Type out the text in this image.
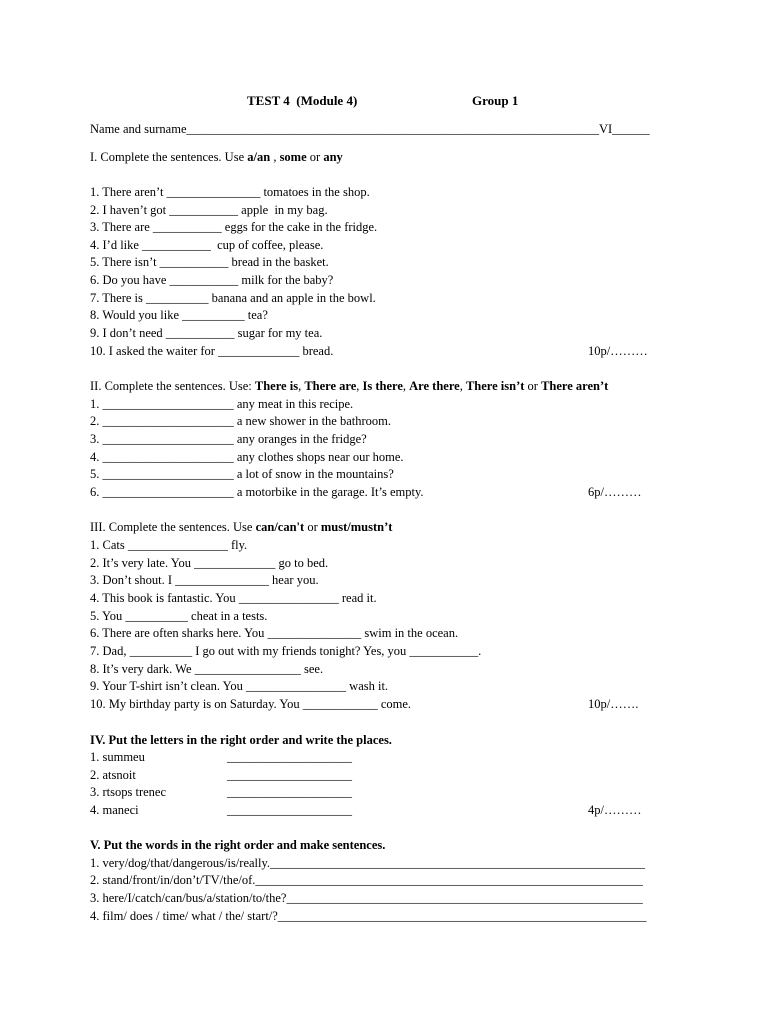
TEST 4  (Module 4)	Group 1
Name and surname__________________________________________________________________VI______
I. Complete the sentences. Use a/an , some or any
1. There aren’t _______________ tomatoes in the shop.
2. I haven’t got ___________ apple  in my bag.
3. There are ___________ eggs for the cake in the fridge.
4. I’d like ___________  cup of coffee, please.
5. There isn’t ___________ bread in the basket.
6. Do you have ___________ milk for the baby?
7. There is __________ banana and an apple in the bowl.
8. Would you like __________ tea?
9. I don’t need ___________ sugar for my tea.
10. I asked the waiter for _____________ bread.	10p/………
II. Complete the sentences. Use: There is, There are, Is there, Are there, There isn’t or There aren’t
1. _____________________ any meat in this recipe.
2. _____________________ a new shower in the bathroom.
3. _____________________ any oranges in the fridge?
4. _____________________ any clothes shops near our home.
5. _____________________ a lot of snow in the mountains?
6. _____________________ a motorbike in the garage. It’s empty.	6p/………
III. Complete the sentences. Use can/can't or must/mustn’t
1. Cats ________________ fly.
2. It’s very late. You _____________ go to bed.
3. Don’t shout. I _______________ hear you.
4. This book is fantastic. You ________________ read it.
5. You __________ cheat in a tests.
6. There are often sharks here. You _______________ swim in the ocean.
7. Dad, __________ I go out with my friends tonight? Yes, you ___________.
8. It’s very dark. We _________________ see.
9. Your T-shirt isn’t clean. You ________________ wash it.
10. My birthday party is on Saturday. You ____________ come.	10p/…….
IV. Put the letters in the right order and write the places.
1. summeu	____________________
2. atsnoit	____________________
3. rtsops trenec	____________________
4. maneci	____________________	4p/………
V. Put the words in the right order and make sentences.
1. very/dog/that/dangerous/is/really.____________________________________________________________
2. stand/front/in/don’t/TV/the/of.______________________________________________________________
3. here/I/catch/can/bus/a/station/to/the?_________________________________________________________
4. film/ does / time/ what / the/ start/?___________________________________________________________
